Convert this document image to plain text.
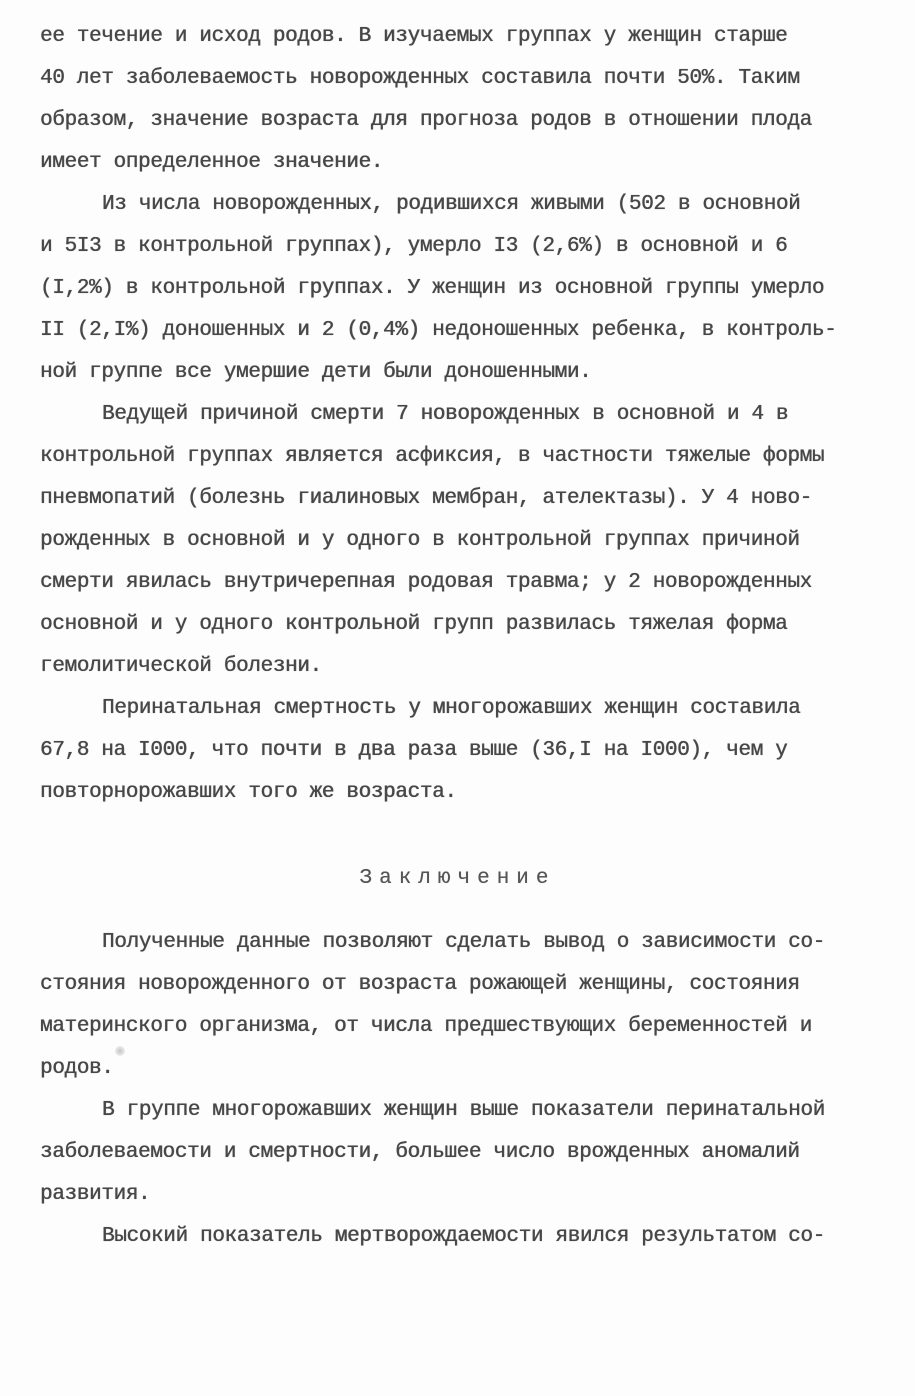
ее течение и исход родов. В изучаемых группах у женщин старше
40 лет заболеваемость новорожденных составила почти 50%. Таким
образом, значение возраста для прогноза родов в отношении плода
имеет определенное значение.
Из числа новорожденных, родившихся живыми (502 в основной
и 5I3 в контрольной группах), умерло I3 (2,6%) в основной и 6
(I,2%) в контрольной группах. У женщин из основной группы умерло
II (2,I%) доношенных и 2 (0,4%) недоношенных ребенка, в контроль-
ной группе все умершие дети были доношенными.
Ведущей причиной смерти 7 новорожденных в основной и 4 в
контрольной группах является асфиксия, в частности тяжелые формы
пневмопатий (болезнь гиалиновых мембран, ателектазы). У 4 ново-
рожденных в основной и у одного в контрольной группах причиной
смерти явилась внутричерепная родовая травма; у 2 новорожденных
основной и у одного контрольной групп развилась тяжелая форма
гемолитической болезни.
Перинатальная смертность у многорожавших женщин составила
67,8 на I000, что почти в два раза выше (36,I на I000), чем у
повторнорожавших того же возраста.
Заключение
Полученные данные позволяют сделать вывод о зависимости со-
стояния новорожденного от возраста рожающей женщины, состояния
материнского организма, от числа предшествующих беременностей и
родов.
В группе многорожавших женщин выше показатели перинатальной
заболеваемости и смертности, большее число врожденных аномалий
развития.
Высокий показатель мертворождаемости явился результатом со-
